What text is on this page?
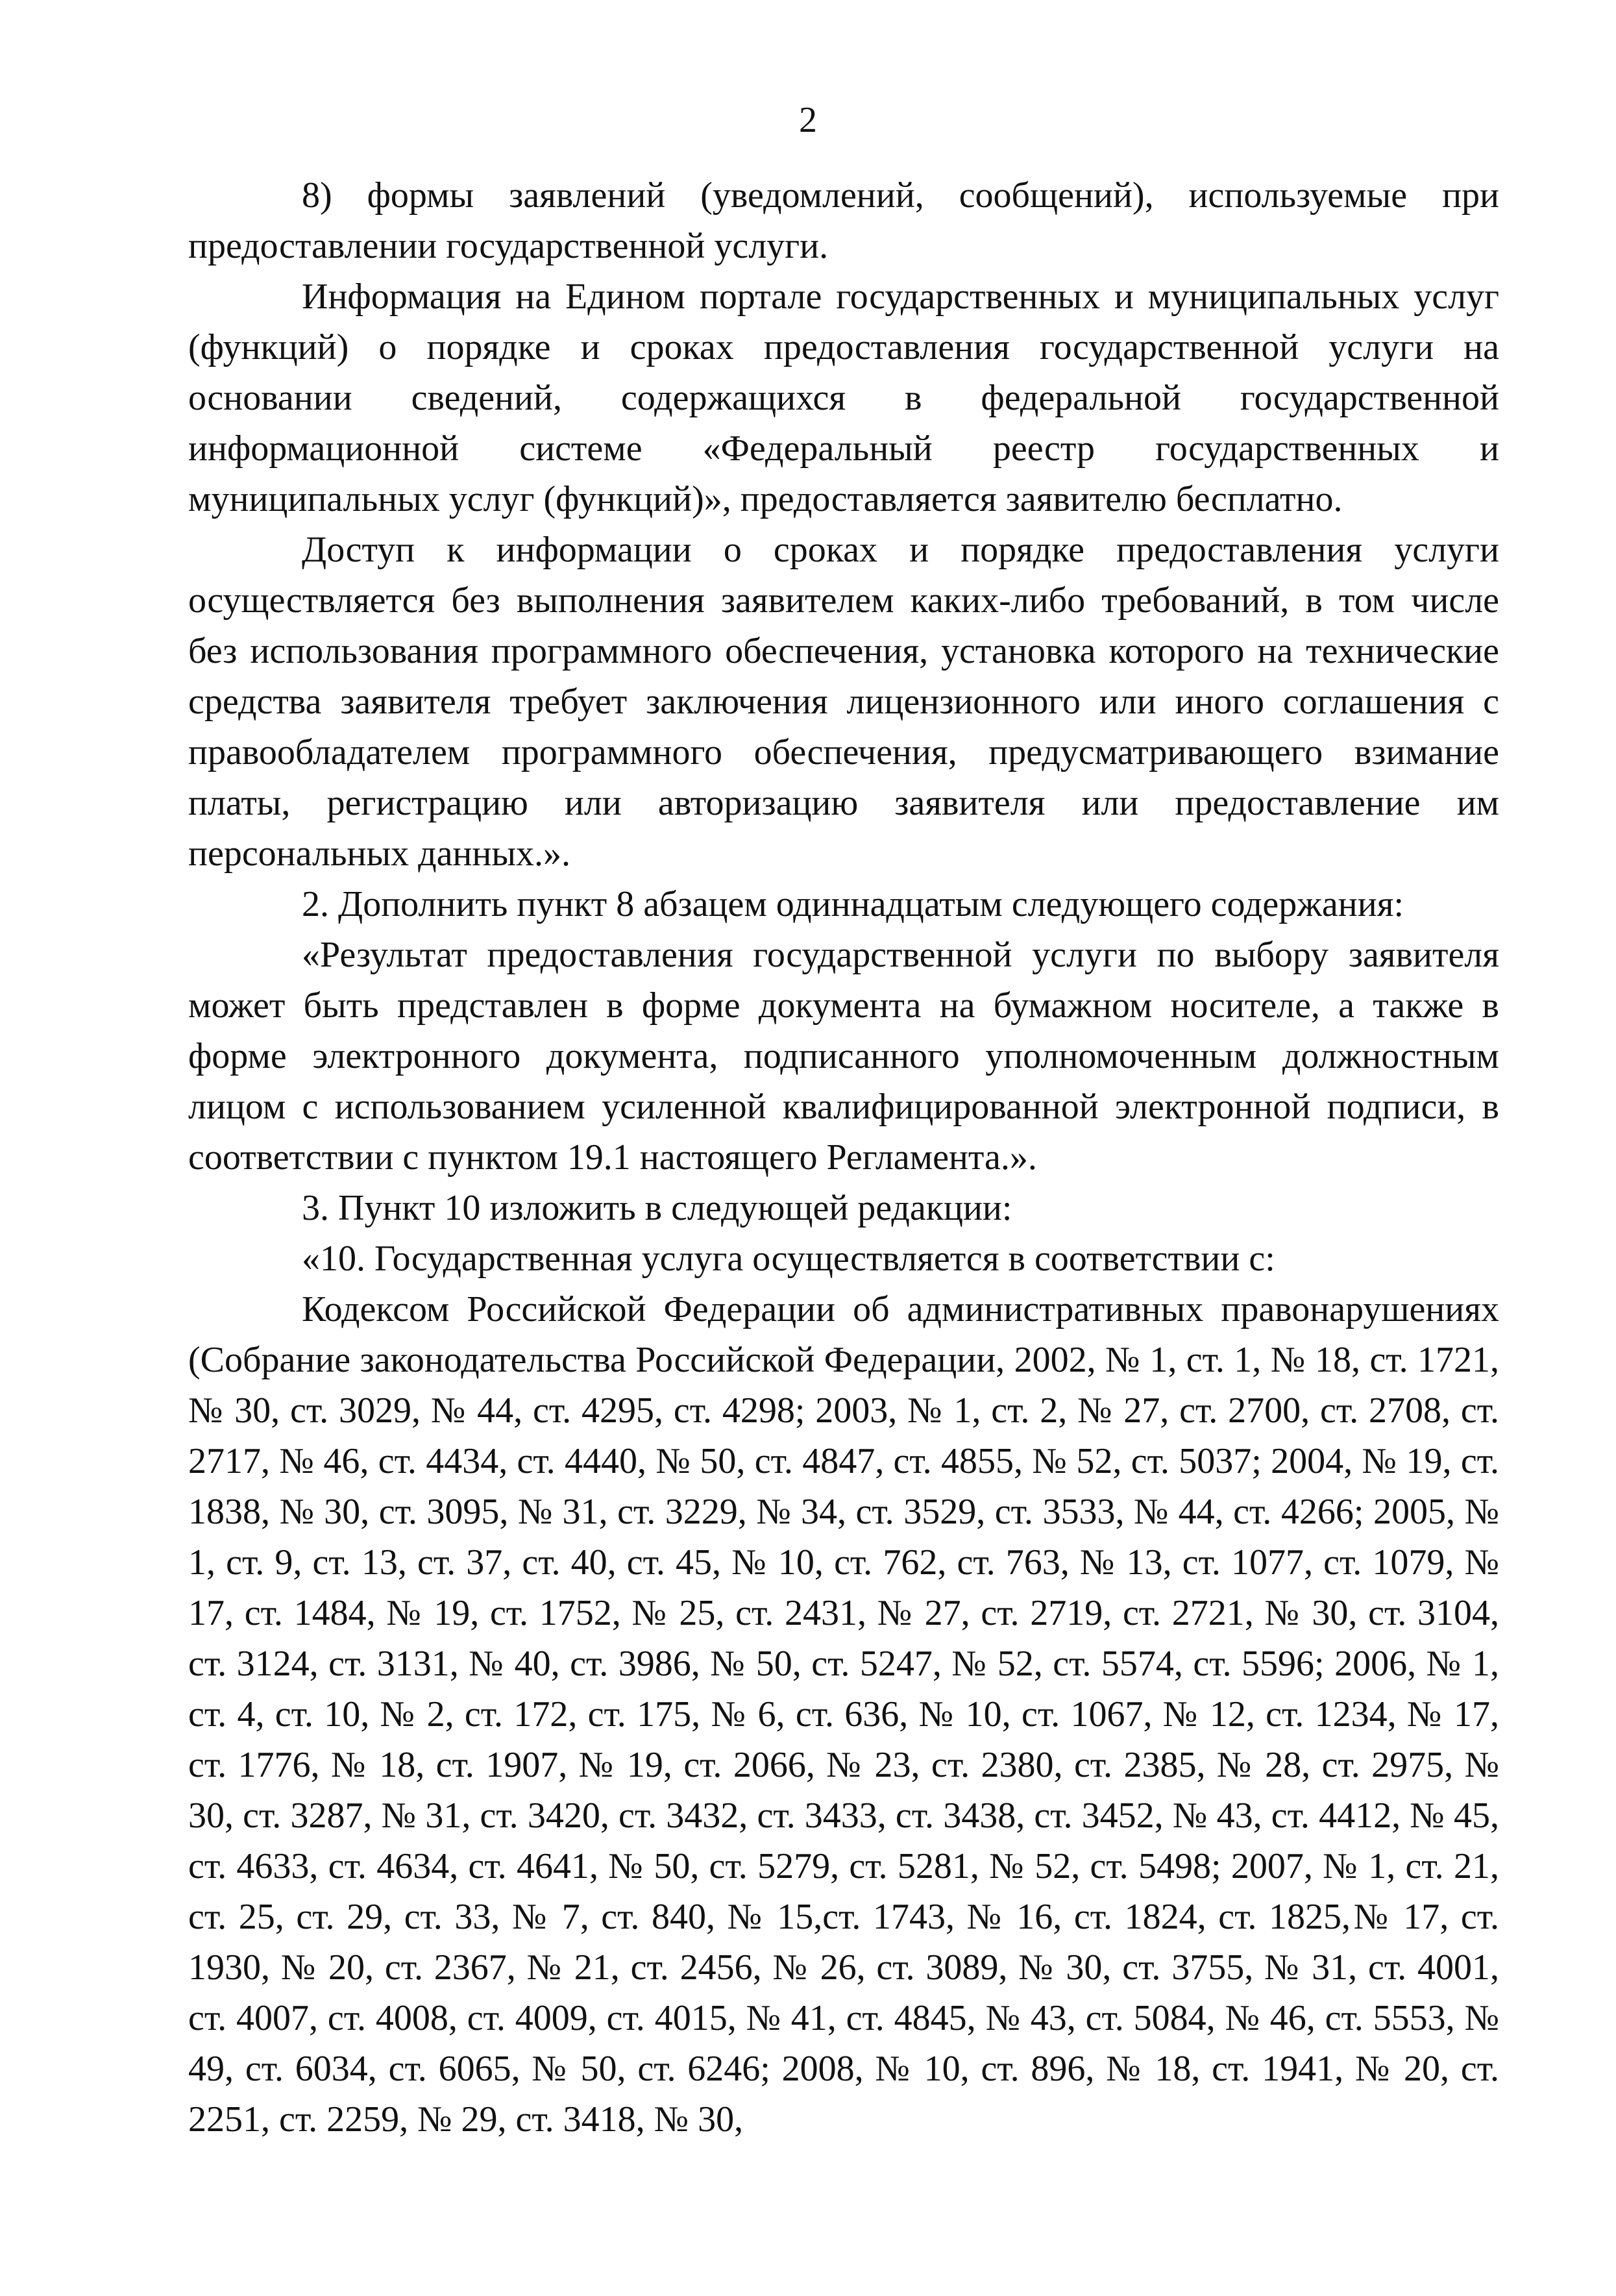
2

8) формы заявлений (уведомлений, сообщений), используемые при предоставлении государственной услуги.

Информация на Едином портале государственных и муниципальных услуг (функций) о порядке и сроках предоставления государственной услуги на основании сведений, содержащихся в федеральной государственной информационной системе «Федеральный реестр государственных и муниципальных услуг (функций)», предоставляется заявителю бесплатно.

Доступ к информации о сроках и порядке предоставления услуги осуществляется без выполнения заявителем каких-либо требований, в том числе без использования программного обеспечения, установка которого на технические средства заявителя требует заключения лицензионного или иного соглашения с правообладателем программного обеспечения, предусматривающего взимание платы, регистрацию или авторизацию заявителя или предоставление им персональных данных.».

2. Дополнить пункт 8 абзацем одиннадцатым следующего содержания:

«Результат предоставления государственной услуги по выбору заявителя может быть представлен в форме документа на бумажном носителе, а также в форме электронного документа, подписанного уполномоченным должностным лицом с использованием усиленной квалифицированной электронной подписи, в соответствии с пунктом 19.1 настоящего Регламента.».

3. Пункт 10 изложить в следующей редакции:

«10. Государственная услуга осуществляется в соответствии с:

Кодексом Российской Федерации об административных правонарушениях (Собрание законодательства Российской Федерации, 2002, № 1, ст. 1, № 18, ст. 1721, № 30, ст. 3029, № 44, ст. 4295, ст. 4298; 2003, № 1, ст. 2, № 27, ст. 2700, ст. 2708, ст. 2717, № 46, ст. 4434, ст. 4440, № 50, ст. 4847, ст. 4855, № 52, ст. 5037; 2004, № 19, ст. 1838, № 30, ст. 3095, № 31, ст. 3229, № 34, ст. 3529, ст. 3533, № 44, ст. 4266; 2005, № 1, ст. 9, ст. 13, ст. 37, ст. 40, ст. 45, № 10, ст. 762, ст. 763, № 13, ст. 1077, ст. 1079, № 17, ст. 1484, № 19, ст. 1752, № 25, ст. 2431, № 27, ст. 2719, ст. 2721, № 30, ст. 3104, ст. 3124, ст. 3131, № 40, ст. 3986, № 50, ст. 5247, № 52, ст. 5574, ст. 5596; 2006, № 1, ст. 4, ст. 10, № 2, ст. 172, ст. 175, № 6, ст. 636, № 10, ст. 1067, № 12, ст. 1234, № 17, ст. 1776, № 18, ст. 1907, № 19, ст. 2066, № 23, ст. 2380, ст. 2385, № 28, ст. 2975, № 30, ст. 3287, № 31, ст. 3420, ст. 3432, ст. 3433, ст. 3438, ст. 3452, № 43, ст. 4412, № 45, ст. 4633, ст. 4634, ст. 4641, № 50, ст. 5279, ст. 5281, № 52, ст. 5498; 2007, № 1, ст. 21, ст. 25, ст. 29, ст. 33, № 7, ст. 840, № 15,ст. 1743, № 16, ст. 1824, ст. 1825,№ 17, ст. 1930, № 20, ст. 2367, № 21, ст. 2456, № 26, ст. 3089, № 30, ст. 3755, № 31, ст. 4001, ст. 4007, ст. 4008, ст. 4009, ст. 4015, № 41, ст. 4845, № 43, ст. 5084, № 46, ст. 5553, № 49, ст. 6034, ст. 6065, № 50, ст. 6246; 2008, № 10, ст. 896, № 18, ст. 1941, № 20, ст. 2251, ст. 2259, № 29, ст. 3418, № 30,
